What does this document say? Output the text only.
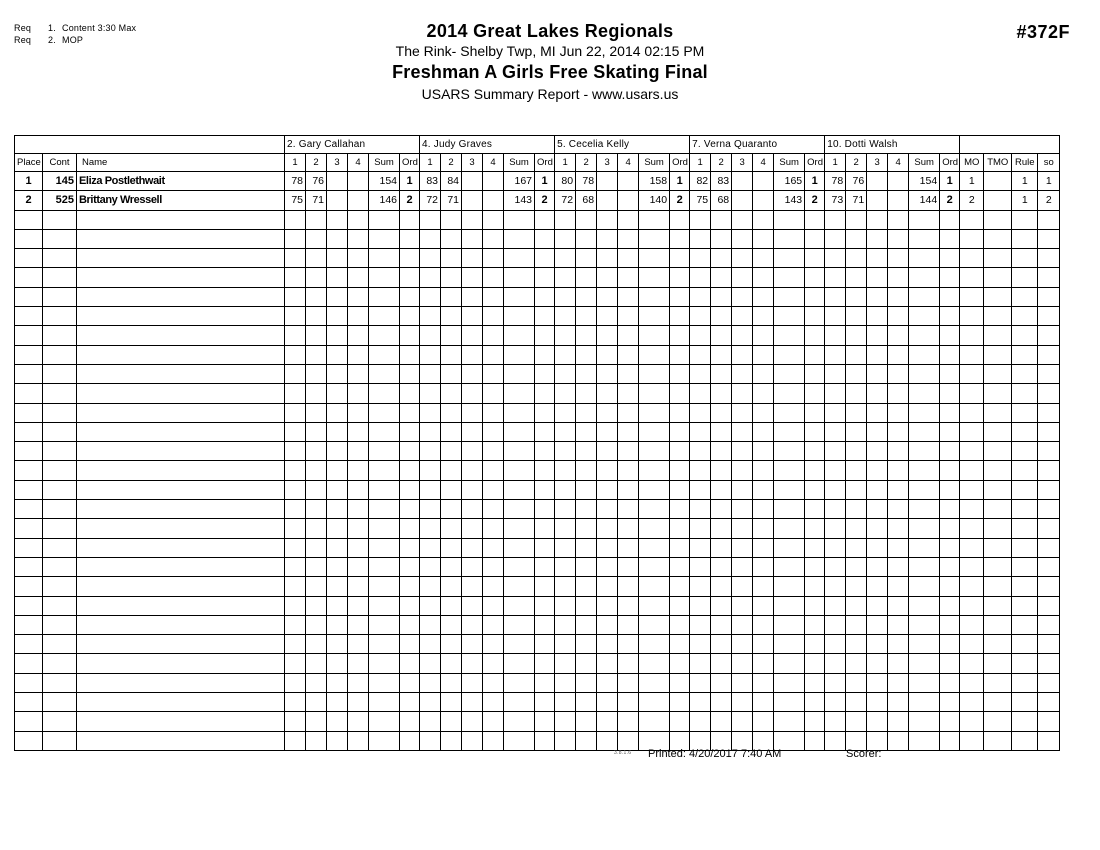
Req 1. Content 3:30 Max
Req 2. MOP	2014 Great Lakes Regionals
The Rink- Shelby Twp, MI Jun 22, 2014 02:15 PM
Freshman A Girls Free Skating Final
USARS Summary Report - www.usars.us
#372F
			2. Gary Callahan						4. Judy Graves						5. Cecelia Kelly						7. Verna Quaranto						10. Dotti Walsh									
Place	Cont	Name	1	2	3	4	Sum	Ord	1	2	3	4	Sum	Ord	1	2	3	4	Sum	Ord	1	2	3	4	Sum	Ord	1	2	3	4	Sum	Ord	MO	TMO	Rule	so
1	145	Eliza Postlethwait	78	76			154	1	83	84			167	1	80	78			158	1	82	83			165	1	78	76			154	1	1		1	1
2	525	Brittany Wressell	75	71			146	2	72	71			143	2	72	68			140	2	75	68			143	2	73	71			144	2	2		1	2

3.8.1.6 Printed: 4/20/2017 7:40 AM	Scorer:
